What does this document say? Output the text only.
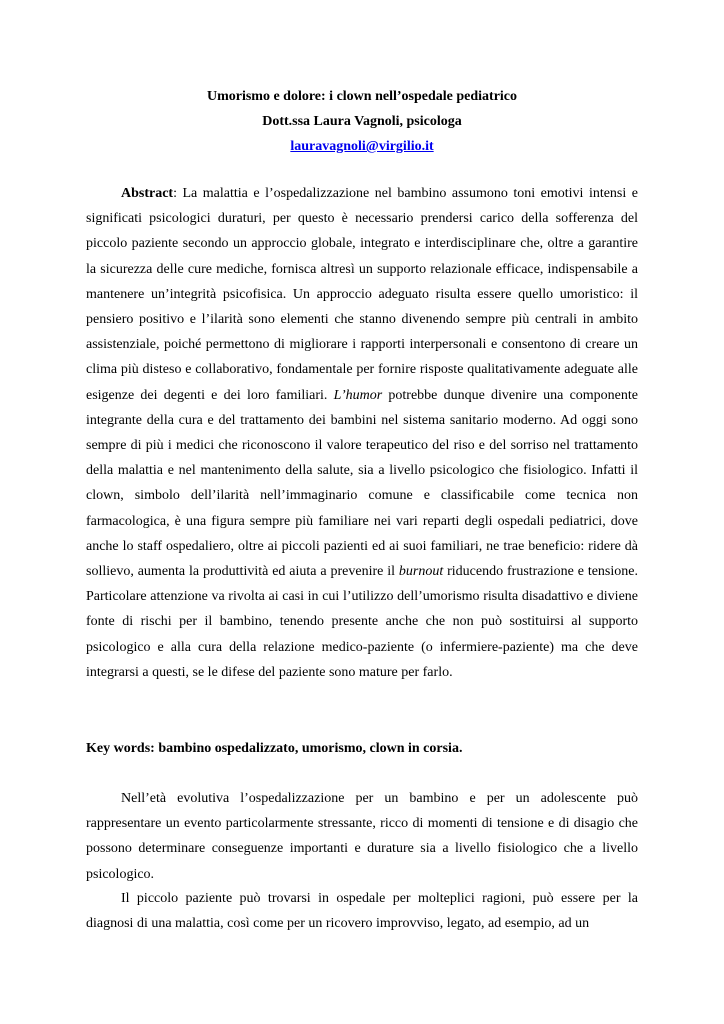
Umorismo e dolore: i clown nell’ospedale pediatrico
Dott.ssa Laura Vagnoli, psicologa
lauravagnoli@virgilio.it

Abstract: La malattia e l’ospedalizzazione nel bambino assumono toni emotivi intensi e significati psicologici duraturi, per questo è necessario prendersi carico della sofferenza del piccolo paziente secondo un approccio globale, integrato e interdisciplinare che, oltre a garantire la sicurezza delle cure mediche, fornisca altresì un supporto relazionale efficace, indispensabile a mantenere un’integrità psicofisica. Un approccio adeguato risulta essere quello umoristico: il pensiero positivo e l’ilarità sono elementi che stanno divenendo sempre più centrali in ambito assistenziale, poiché permettono di migliorare i rapporti interpersonali e consentono di creare un clima più disteso e collaborativo, fondamentale per fornire risposte qualitativamente adeguate alle esigenze dei degenti e dei loro familiari. L’humor potrebbe dunque divenire una componente integrante della cura e del trattamento dei bambini nel sistema sanitario moderno. Ad oggi sono sempre di più i medici che riconoscono il valore terapeutico del riso e del sorriso nel trattamento della malattia e nel mantenimento della salute, sia a livello psicologico che fisiologico. Infatti il clown, simbolo dell’ilarità nell’immaginario comune e classificabile come tecnica non farmacologica, è una figura sempre più familiare nei vari reparti degli ospedali pediatrici, dove anche lo staff ospedaliero, oltre ai piccoli pazienti ed ai suoi familiari, ne trae beneficio: ridere dà sollievo, aumenta la produttività ed aiuta a prevenire il burnout riducendo frustrazione e tensione. Particolare attenzione va rivolta ai casi in cui l’utilizzo dell’umorismo risulta disadattivo e diviene fonte di rischi per il bambino, tenendo presente anche che non può sostituirsi al supporto psicologico e alla cura della relazione medico-paziente (o infermiere-paziente) ma che deve integrarsi a questi, se le difese del paziente sono mature per farlo.

Key words: bambino ospedalizzato, umorismo, clown in corsia.

Nell’età evolutiva l’ospedalizzazione per un bambino e per un adolescente può rappresentare un evento particolarmente stressante, ricco di momenti di tensione e di disagio che possono determinare conseguenze importanti e durature sia a livello fisiologico che a livello psicologico.

Il piccolo paziente può trovarsi in ospedale per molteplici ragioni, può essere per la diagnosi di una malattia, così come per un ricovero improvviso, legato, ad esempio, ad un
